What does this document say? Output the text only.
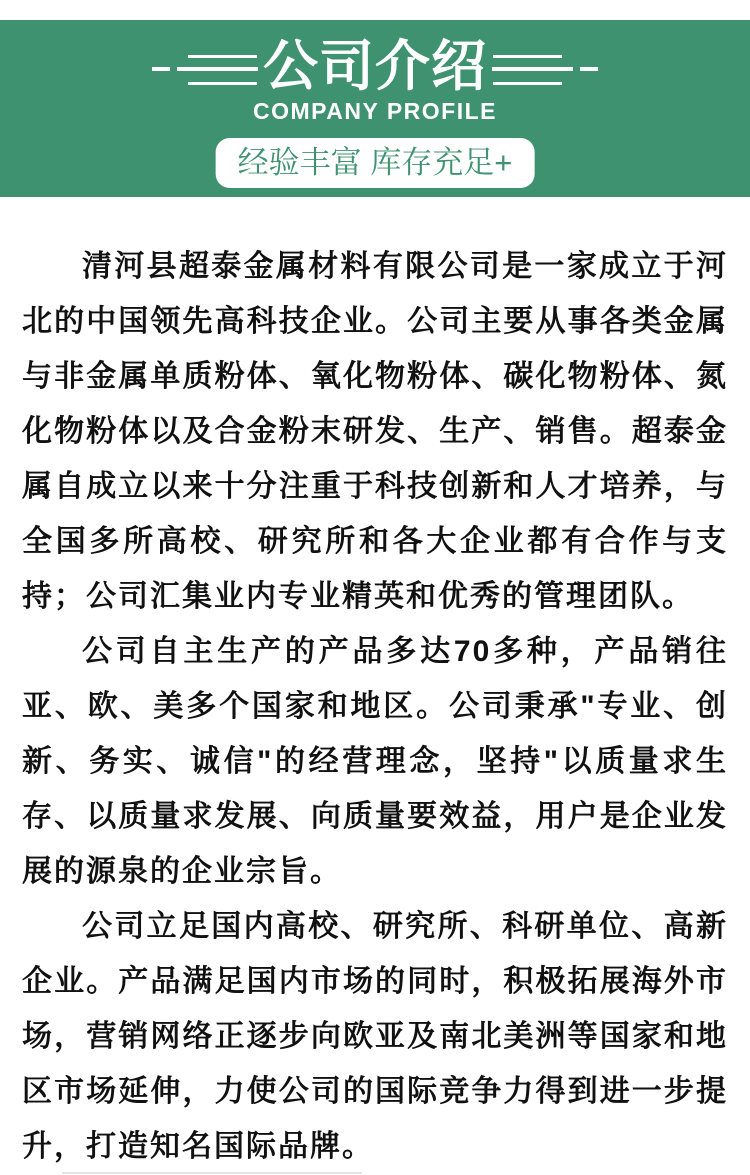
公司介绍
COMPANY PROFILE
经验丰富 库存充足+

清河县超泰金属材料有限公司是一家成立于河北的中国领先高科技企业。公司主要从事各类金属与非金属单质粉体、氧化物粉体、碳化物粉体、氮化物粉体以及合金粉末研发、生产、销售。超泰金属自成立以来十分注重于科技创新和人才培养，与全国多所高校、研究所和各大企业都有合作与支持；公司汇集业内专业精英和优秀的管理团队。

公司自主生产的产品多达70多种，产品销往亚、欧、美多个国家和地区。公司秉承"专业、创新、务实、诚信"的经营理念，坚持"以质量求生存、以质量求发展、向质量要效益，用户是企业发展的源泉的企业宗旨。

公司立足国内高校、研究所、科研单位、高新企业。产品满足国内市场的同时，积极拓展海外市场，营销网络正逐步向欧亚及南北美洲等国家和地区市场延伸，力使公司的国际竞争力得到进一步提升，打造知名国际品牌。
